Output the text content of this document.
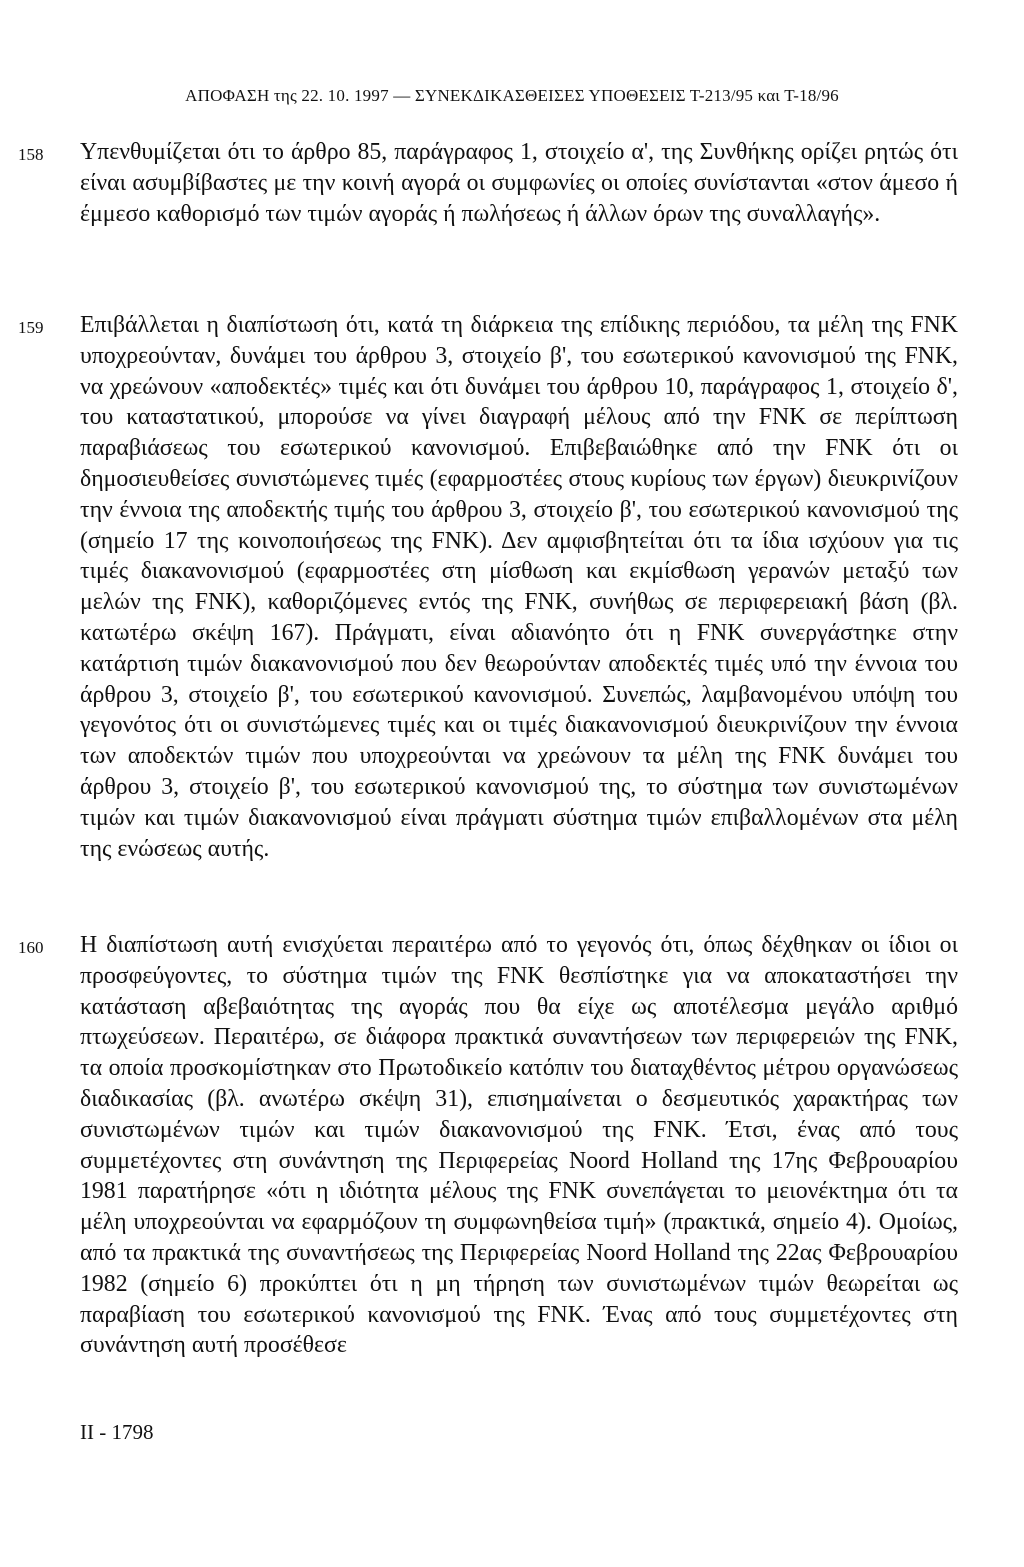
ΑΠΟΦΑΣΗ της 22. 10. 1997 — ΣΥΝΕΚΔΙΚΑΣΘΕΙΣΕΣ ΥΠΟΘΕΣΕΙΣ Τ-213/95 και Τ-18/96
158 Υπενθυμίζεται ότι το άρθρο 85, παράγραφος 1, στοιχείο α', της Συνθήκης ορίζει ρητώς ότι είναι ασυμβίβαστες με την κοινή αγορά οι συμφωνίες οι οποίες συνίστανται «στον άμεσο ή έμμεσο καθορισμό των τιμών αγοράς ή πωλήσεως ή άλλων όρων της συναλλαγής».

159 Επιβάλλεται η διαπίστωση ότι, κατά τη διάρκεια της επίδικης περιόδου, τα μέλη της FNK υποχρεούνταν, δυνάμει του άρθρου 3, στοιχείο β', του εσωτερικού κανονισμού της FNK, να χρεώνουν «αποδεκτές» τιμές και ότι δυνάμει του άρθρου 10, παράγραφος 1, στοιχείο δ', του καταστατικού, μπορούσε να γίνει διαγραφή μέλους από την FNK σε περίπτωση παραβιάσεως του εσωτερικού κανονισμού. Επιβεβαιώθηκε από την FNK ότι οι δημοσιευθείσες συνιστώμενες τιμές (εφαρμοστέες στους κυρίους των έργων) διευκρινίζουν την έννοια της αποδεκτής τιμής του άρθρου 3, στοιχείο β', του εσωτερικού κανονισμού της (σημείο 17 της κοινοποιήσεως της FNK). Δεν αμφισβητείται ότι τα ίδια ισχύουν για τις τιμές διακανονισμού (εφαρμοστέες στη μίσθωση και εκμίσθωση γερανών μεταξύ των μελών της FNK), καθοριζόμενες εντός της FNK, συνήθως σε περιφερειακή βάση (βλ. κατωτέρω σκέψη 167). Πράγματι, είναι αδιανόητο ότι η FNK συνεργάστηκε στην κατάρτιση τιμών διακανονισμού που δεν θεωρούνταν αποδεκτές τιμές υπό την έννοια του άρθρου 3, στοιχείο β', του εσωτερικού κανονισμού. Συνεπώς, λαμβανομένου υπόψη του γεγονότος ότι οι συνιστώμενες τιμές και οι τιμές διακανονισμού διευκρινίζουν την έννοια των αποδεκτών τιμών που υποχρεούνται να χρεώνουν τα μέλη της FNK δυνάμει του άρθρου 3, στοιχείο β', του εσωτερικού κανονισμού της, το σύστημα των συνιστωμένων τιμών και τιμών διακανονισμού είναι πράγματι σύστημα τιμών επιβαλλομένων στα μέλη της ενώσεως αυτής.

160 Η διαπίστωση αυτή ενισχύεται περαιτέρω από το γεγονός ότι, όπως δέχθηκαν οι ίδιοι οι προσφεύγοντες, το σύστημα τιμών της FNK θεσπίστηκε για να αποκαταστήσει την κατάσταση αβεβαιότητας της αγοράς που θα είχε ως αποτέλεσμα μεγάλο αριθμό πτωχεύσεων. Περαιτέρω, σε διάφορα πρακτικά συναντήσεων των περιφερειών της FNK, τα οποία προσκομίστηκαν στο Πρωτοδικείο κατόπιν του διαταχθέντος μέτρου οργανώσεως διαδικασίας (βλ. ανωτέρω σκέψη 31), επισημαίνεται ο δεσμευτικός χαρακτήρας των συνιστωμένων τιμών και τιμών διακανονισμού της FNK. Έτσι, ένας από τους συμμετέχοντες στη συνάντηση της Περιφερείας Noord Holland της 17ης Φεβρουαρίου 1981 παρατήρησε «ότι η ιδιότητα μέλους της FNK συνεπάγεται το μειονέκτημα ότι τα μέλη υποχρεούνται να εφαρμόζουν τη συμφωνηθείσα τιμή» (πρακτικά, σημείο 4). Ομοίως, από τα πρακτικά της συναντήσεως της Περιφερείας Noord Holland της 22ας Φεβρουαρίου 1982 (σημείο 6) προκύπτει ότι η μη τήρηση των συνιστωμένων τιμών θεωρείται ως παραβίαση του εσωτερικού κανονισμού της FNK. Ένας από τους συμμετέχοντες στη συνάντηση αυτή προσέθεσε

II - 1798
